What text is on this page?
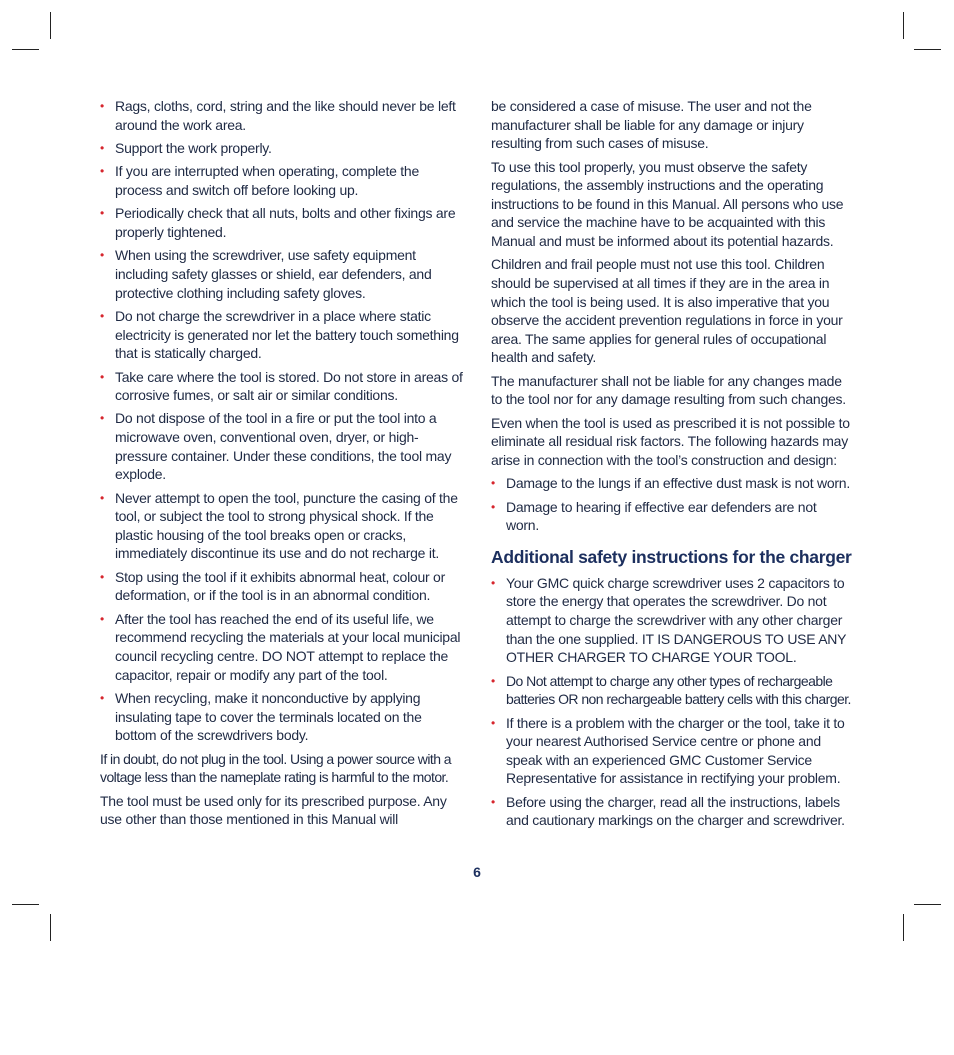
• Rags, cloths, cord, string and the like should never be left around the work area.
• Support the work properly.
• If you are interrupted when operating, complete the process and switch off before looking up.
• Periodically check that all nuts, bolts and other fixings are properly tightened.
• When using the screwdriver, use safety equipment including safety glasses or shield, ear defenders, and protective clothing including safety gloves.
• Do not charge the screwdriver in a place where static electricity is generated nor let the battery touch something that is statically charged.
• Take care where the tool is stored. Do not store in areas of corrosive fumes, or salt air or similar conditions.
• Do not dispose of the tool in a fire or put the tool into a microwave oven, conventional oven, dryer, or high-pressure container. Under these conditions, the tool may explode.
• Never attempt to open the tool, puncture the casing of the tool, or subject the tool to strong physical shock. If the plastic housing of the tool breaks open or cracks, immediately discontinue its use and do not recharge it.
• Stop using the tool if it exhibits abnormal heat, colour or deformation, or if the tool is in an abnormal condition.
• After the tool has reached the end of its useful life, we recommend recycling the materials at your local municipal council recycling centre. DO NOT attempt to replace the capacitor, repair or modify any part of the tool.
• When recycling, make it nonconductive by applying insulating tape to cover the terminals located on the bottom of the screwdrivers body.

If in doubt, do not plug in the tool. Using a power source with a voltage less than the nameplate rating is harmful to the motor.

The tool must be used only for its prescribed purpose. Any use other than those mentioned in this Manual will

be considered a case of misuse. The user and not the manufacturer shall be liable for any damage or injury resulting from such cases of misuse.

To use this tool properly, you must observe the safety regulations, the assembly instructions and the operating instructions to be found in this Manual. All persons who use and service the machine have to be acquainted with this Manual and must be informed about its potential hazards.

Children and frail people must not use this tool. Children should be supervised at all times if they are in the area in which the tool is being used. It is also imperative that you observe the accident prevention regulations in force in your area. The same applies for general rules of occupational health and safety.

The manufacturer shall not be liable for any changes made to the tool nor for any damage resulting from such changes.

Even when the tool is used as prescribed it is not possible to eliminate all residual risk factors. The following hazards may arise in connection with the tool’s construction and design:

• Damage to the lungs if an effective dust mask is not worn.
• Damage to hearing if effective ear defenders are not worn.
Additional safety instructions for the charger
• Your GMC quick charge screwdriver uses 2 capacitors to store the energy that operates the screwdriver. Do not attempt to charge the screwdriver with any other charger than the one supplied. IT IS DANGEROUS TO USE ANY OTHER CHARGER TO CHARGE YOUR TOOL.
• Do Not attempt to charge any other types of rechargeable batteries OR non rechargeable battery cells with this charger.
• If there is a problem with the charger or the tool, take it to your nearest Authorised Service centre or phone and speak with an experienced GMC Customer Service Representative for assistance in rectifying your problem.
• Before using the charger, read all the instructions, labels and cautionary markings on the charger and screwdriver.
6
